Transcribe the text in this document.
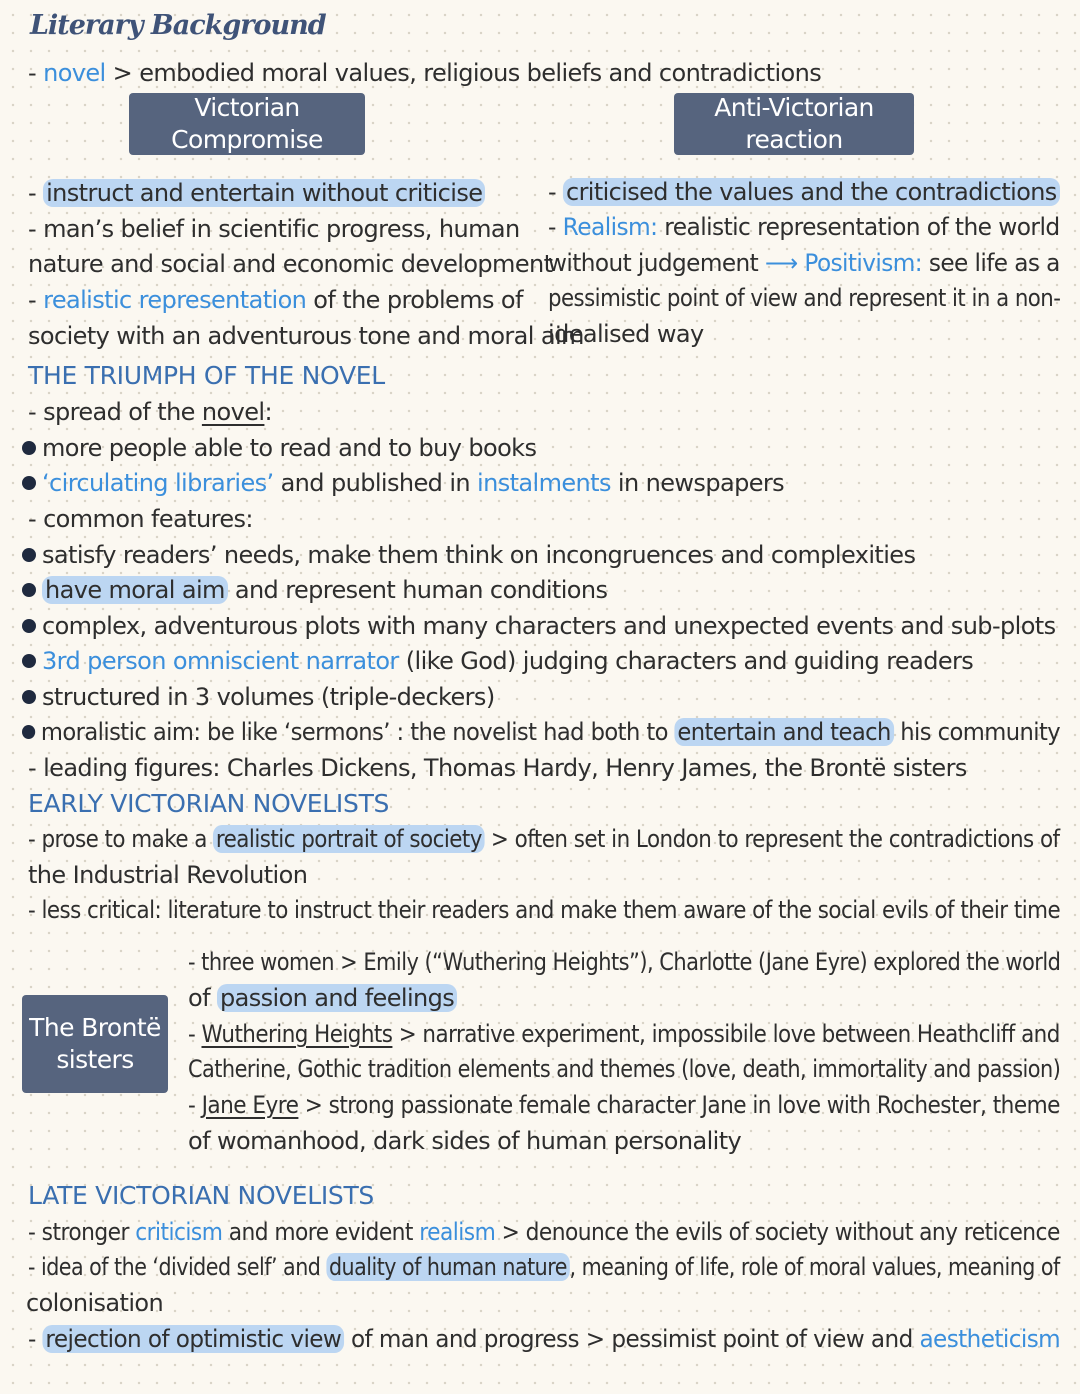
Literary Background
- novel > embodied moral values, religious beliefs and contradictions
Victorian Compromise
Anti-Victorian reaction
- instruct and entertain without criticise
- man’s belief in scientific progress, human
nature and social and economic development
- realistic representation of the problems of
society with an adventurous tone and moral aim
- criticised the values and the contradictions
- Realism: realistic representation of the world
without judgement ⟶ Positivism: see life as a
pessimistic point of view and represent it in a non-
idealised way
THE TRIUMPH OF THE NOVEL
- spread of the novel:
more people able to read and to buy books
‘circulating libraries’ and published in instalments in newspapers
- common features:
satisfy readers’ needs, make them think on incongruences and complexities
have moral aim and represent human conditions
complex, adventurous plots with many characters and unexpected events and sub-plots
3rd person omniscient narrator (like God) judging characters and guiding readers
structured in 3 volumes (triple-deckers)
moralistic aim: be like ‘sermons’ : the novelist had both to entertain and teach his community
- leading figures: Charles Dickens, Thomas Hardy, Henry James, the Brontë sisters
EARLY VICTORIAN NOVELISTS
- prose to make a realistic portrait of society > often set in London to represent the contradictions of
the Industrial Revolution
- less critical: literature to instruct their readers and make them aware of the social evils of their time
The Brontë
sisters
- three women > Emily (“Wuthering Heights”), Charlotte (Jane Eyre) explored the world
of passion and feelings
- Wuthering Heights > narrative experiment, impossibile love between Heathcliff and
Catherine, Gothic tradition elements and themes (love, death, immortality and passion)
- Jane Eyre > strong passionate female character Jane in love with Rochester, theme
of womanhood, dark sides of human personality
LATE VICTORIAN NOVELISTS
- stronger criticism and more evident realism > denounce the evils of society without any reticence
- idea of the ‘divided self’ and duality of human nature , meaning of life, role of moral values, meaning of
colonisation
- rejection of optimistic view of man and progress > pessimist point of view and aestheticism
